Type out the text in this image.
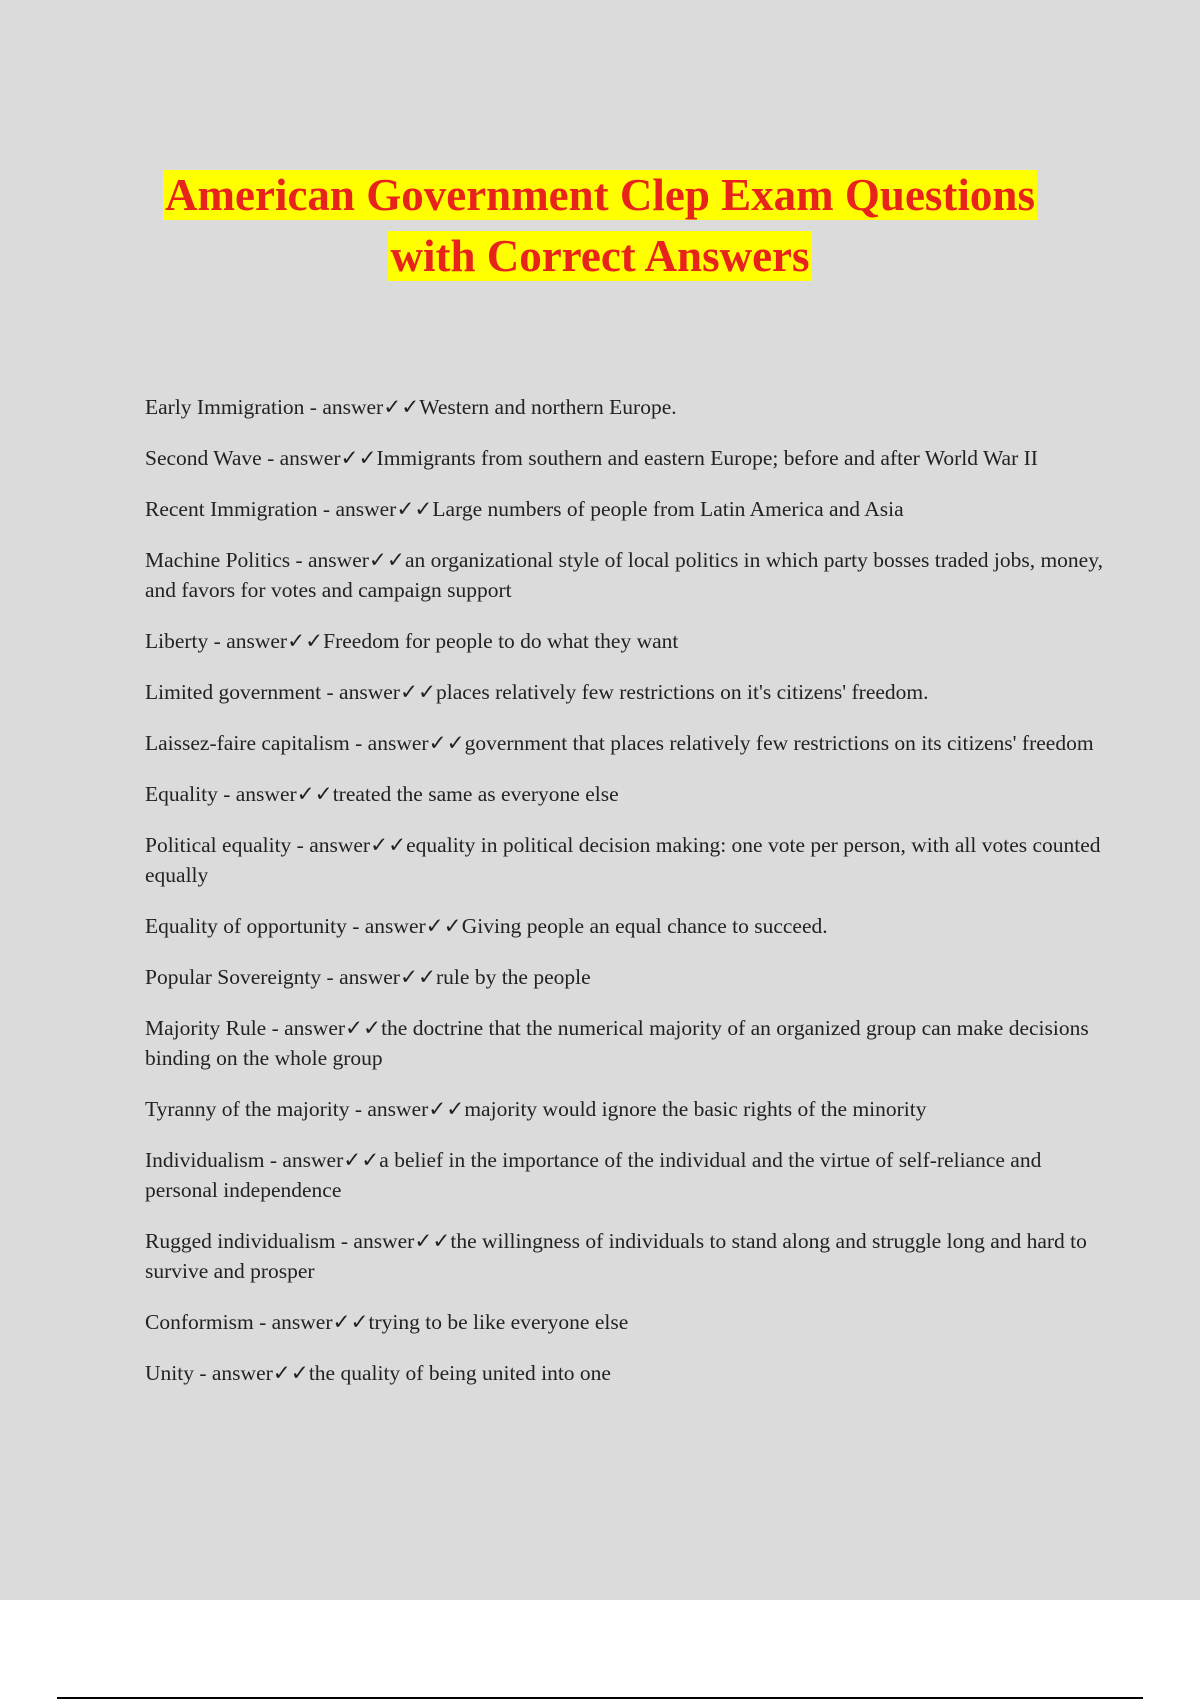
American Government Clep Exam Questions
with Correct Answers
Early Immigration - answer✓✓Western and northern Europe.
Second Wave - answer✓✓Immigrants from southern and eastern Europe; before and after World War II
Recent Immigration - answer✓✓Large numbers of people from Latin America and Asia
Machine Politics - answer✓✓an organizational style of local politics in which party bosses traded jobs, money, and favors for votes and campaign support
Liberty - answer✓✓Freedom for people to do what they want
Limited government - answer✓✓places relatively few restrictions on it's citizens' freedom.
Laissez-faire capitalism - answer✓✓government that places relatively few restrictions on its citizens' freedom
Equality - answer✓✓treated the same as everyone else
Political equality - answer✓✓equality in political decision making: one vote per person, with all votes counted equally
Equality of opportunity - answer✓✓Giving people an equal chance to succeed.
Popular Sovereignty - answer✓✓rule by the people
Majority Rule - answer✓✓the doctrine that the numerical majority of an organized group can make decisions binding on the whole group
Tyranny of the majority - answer✓✓majority would ignore the basic rights of the minority
Individualism - answer✓✓a belief in the importance of the individual and the virtue of self-reliance and personal independence
Rugged individualism - answer✓✓the willingness of individuals to stand along and struggle long and hard to survive and prosper
Conformism - answer✓✓trying to be like everyone else
Unity - answer✓✓the quality of being united into one
